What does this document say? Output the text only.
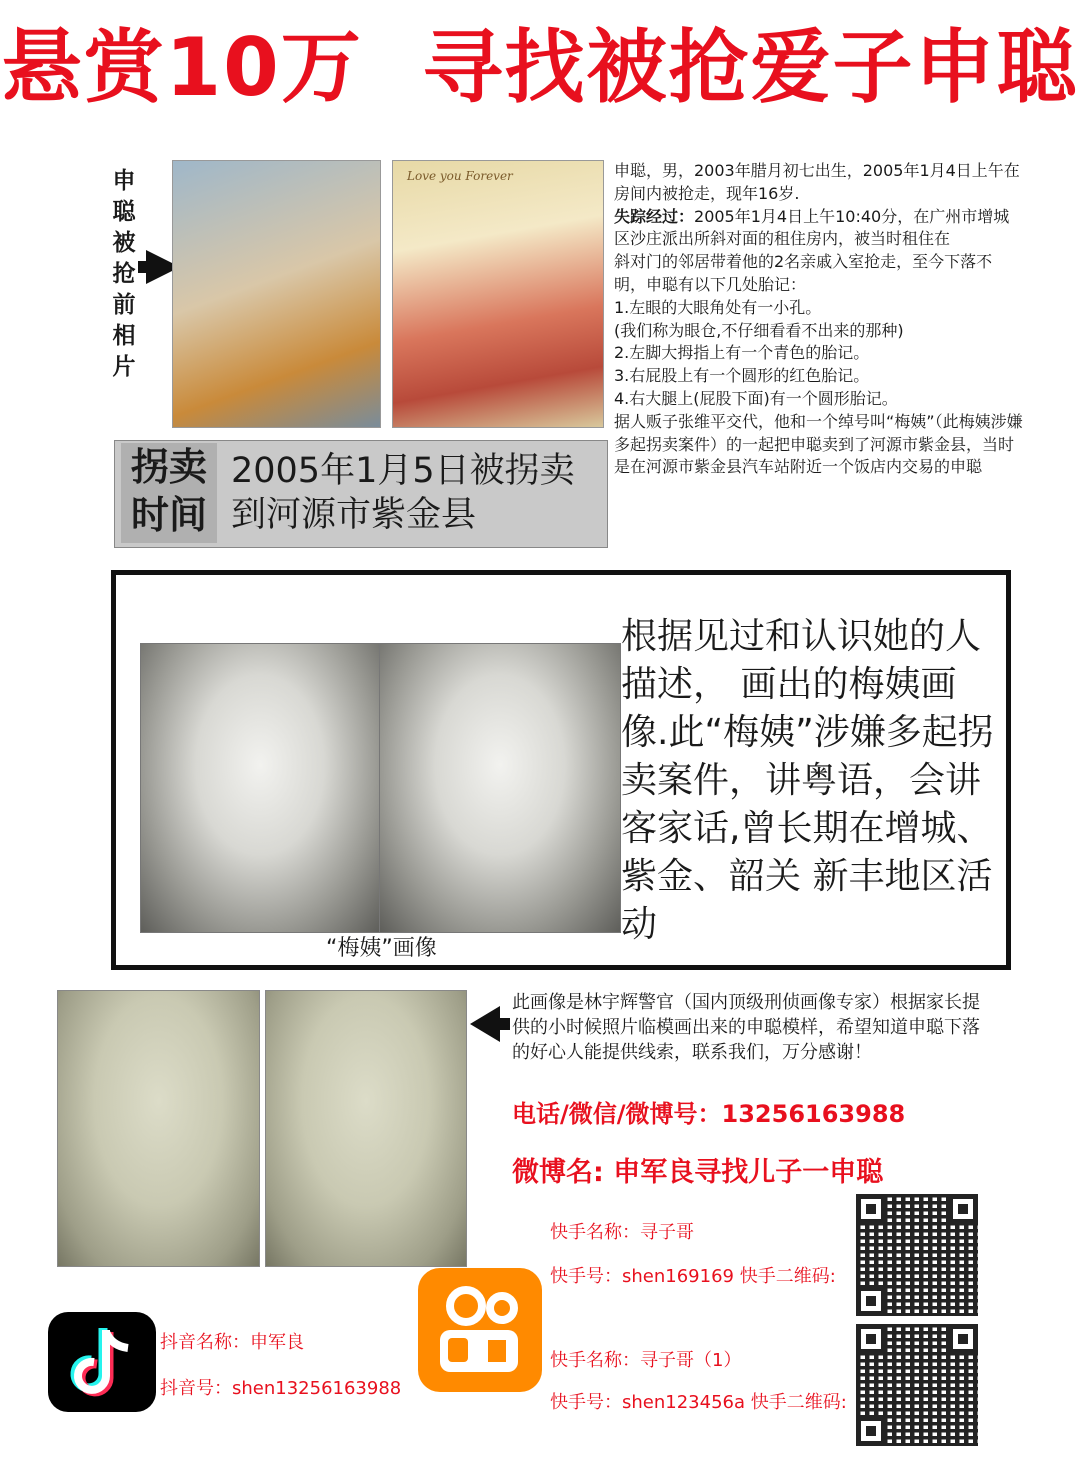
悬赏10万  寻找被抢爱子申聪
申聪被抢前相片
Love you Forever	申聪，男，2003年腊月初七出生，2005年1月4日上午在房间内被抢走，现年16岁.

失踪经过：2005年1月4日上午10:40分，在广州市增城区沙庄派出所斜对面的租住房内，被当时租住在

斜对门的邻居带着他的2名亲戚入室抢走，至今下落不明，申聪有以下几处胎记：

1.左眼的大眼角处有一小孔。

(我们称为眼仓,不仔细看看不出来的那种)

2.左脚大拇指上有一个青色的胎记。

3.右屁股上有一个圆形的红色胎记。

4.右大腿上(屁股下面)有一个圆形胎记。

据人贩子张维平交代，他和一个绰号叫“梅姨”（此梅姨涉嫌多起拐卖案件）的一起把申聪卖到了河源市紫金县，当时是在河源市紫金县汽车站附近一个饭店内交易的申聪

拐卖
时间
2005年1月5日被拐卖
到河源市紫金县
根据见过和认识她的人描述， 画出的梅姨画像.此“梅姨”涉嫌多起拐卖案件，讲粤语，会讲客家话,曾长期在增城、紫金、韶关 新丰地区活动
“梅姨”画像
此画像是林宇辉警官（国内顶级刑侦画像专家）根据家长提供的小时候照片临模画出来的申聪模样，希望知道申聪下落的好心人能提供线索，联系我们，万分感谢！
电话/微信/微博号：13256163988
微博名: 申军良寻找儿子一申聪
快手名称：寻子哥
快手号：shen169169 快手二维码:
快手名称：寻子哥（1）
快手号：shen123456a 快手二维码:
抖音名称：申军良
抖音号：shen13256163988
